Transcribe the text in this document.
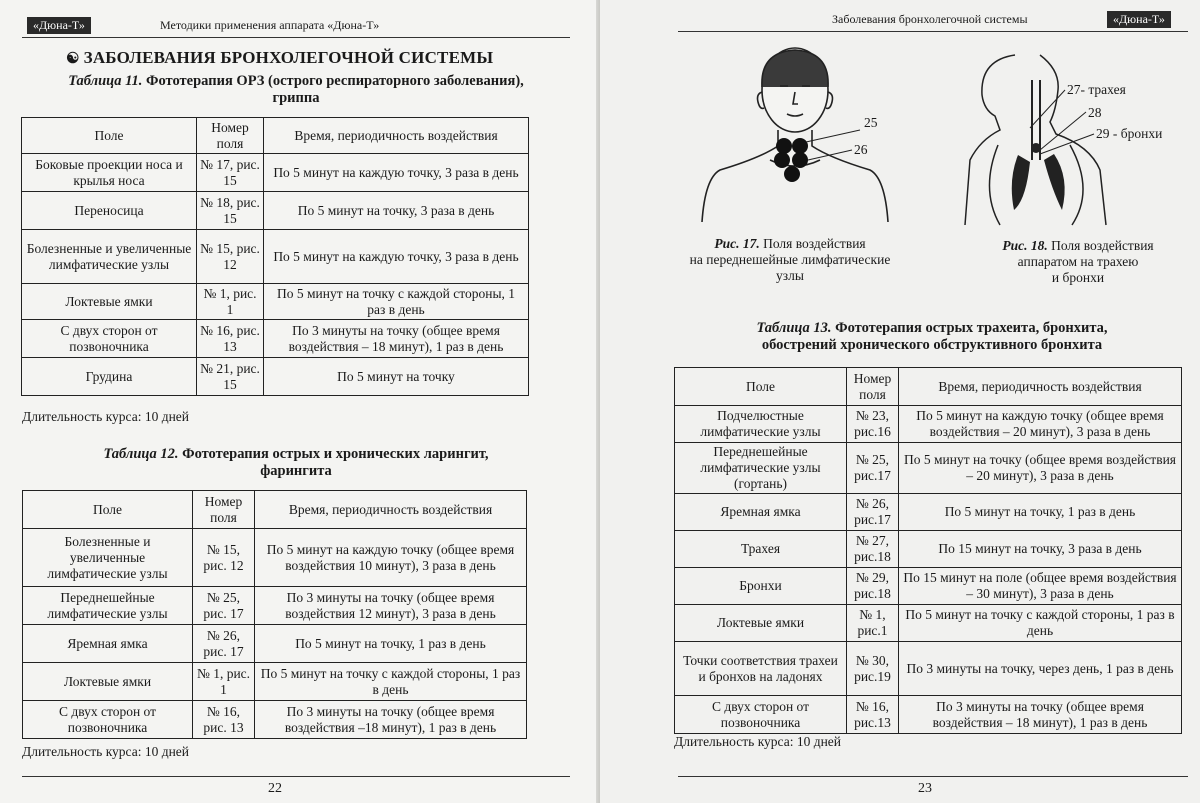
«Дюна-Т»	Методики применения аппарата «Дюна-Т»
☯ ЗАБОЛЕВАНИЯ БРОНХОЛЕГОЧНОЙ СИСТЕМЫ
Таблица 11. Фототерапия ОРЗ (острого респираторного заболевания),
гриппа
Поле	Номер поля	Время, периодичность воздействия
Боковые проекции носа и крылья носа	№ 17, рис. 15	По 5 минут на каждую точку, 3 раза в день
Переносица	№ 18, рис. 15	По 5 минут на точку, 3 раза в день
Болезненные и увеличенные лимфатические узлы	№ 15, рис. 12	По 5 минут на каждую точку, 3 раза в день
Локтевые ямки	№ 1, рис. 1	По 5 минут на точку с каждой стороны, 1 раз в день
С двух сторон от позвоночника	№ 16, рис. 13	По 3 минуты на точку (общее время воздействия – 18 минут), 1 раз в день
Грудина	№ 21, рис. 15	По 5 минут на точку
Длительность курса: 10 дней
Таблица 12. Фототерапия острых и хронических ларингит,
фарингита
Поле	Номер поля	Время, периодичность воздействия
Болезненные и увеличенные лимфатические узлы	№ 15, рис. 12	По 5 минут на каждую точку (общее время воздействия 10 минут), 3 раза в день
Переднешейные лимфатические узлы	№ 25, рис. 17	По 3 минуты на точку (общее время воздействия 12 минут), 3 раза в день
Яремная ямка	№ 26, рис. 17	По 5 минут на точку, 1 раз в день
Локтевые ямки	№ 1, рис. 1	По 5 минут на точку с каждой стороны, 1 раз в день
С двух сторон от позвоночника	№ 16, рис. 13	По 3 минуты на точку (общее время воздействия –18 минут), 1 раз в день
Длительность курса: 10 дней
22
Заболевания бронхолегочной системы	«Дюна-Т»
25
26
Рис. 17. Поля воздействия
на переднешейные лимфатические
узлы
27- трахея
28
29 - бронхи
Рис. 18. Поля воздействия
аппаратом на трахею
и бронхи
Таблица 13. Фототерапия острых трахеита, бронхита,
обострений хронического обструктивного бронхита
Поле	Номер поля	Время, периодичность воздействия
Подчелюстные лимфатические узлы	№ 23, рис.16	По 5 минут на каждую точку (общее время воздействия – 20 минут), 3 раза в день
Переднешейные лимфатические узлы (гортань)	№ 25, рис.17	По 5 минут на точку (общее время воздействия – 20 минут), 3 раза в день
Яремная ямка	№ 26, рис.17	По 5 минут на точку, 1 раз в день
Трахея	№ 27, рис.18	По 15 минут на точку, 3 раза в день
Бронхи	№ 29, рис.18	По 15 минут на поле (общее время воздействия – 30 минут), 3 раза в день
Локтевые ямки	№ 1, рис.1	По 5 минут на точку с каждой стороны, 1 раз в день
Точки соответствия трахеи и бронхов на ладонях	№ 30, рис.19	По 3 минуты на точку, через день, 1 раз в день
С двух сторон от позвоночника	№ 16, рис.13	По 3 минуты на точку (общее время воздействия – 18 минут), 1 раз в день
Длительность курса: 10 дней
23
